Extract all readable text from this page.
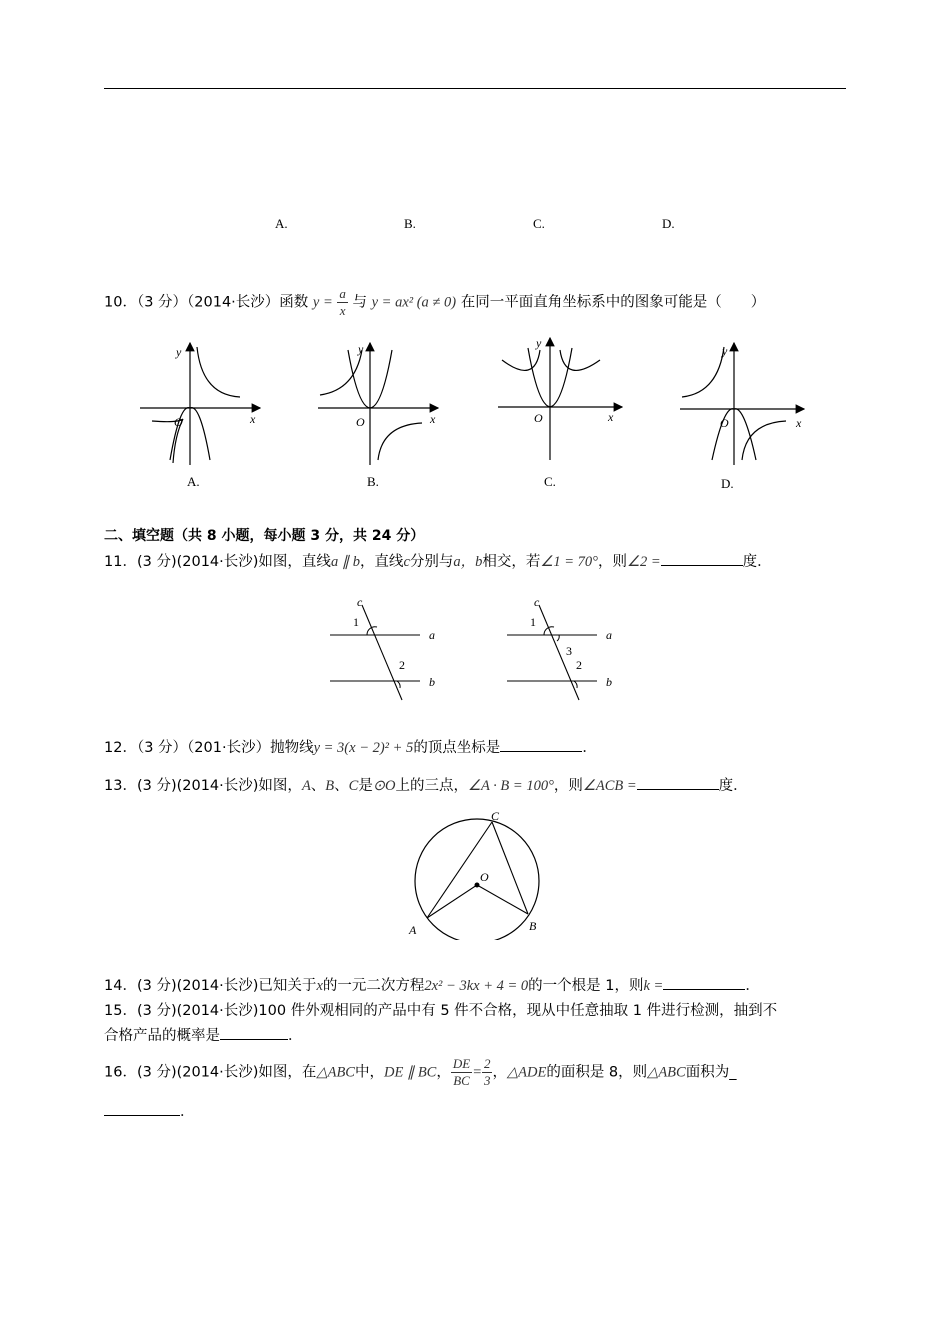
A.	B.	C.	D.
10．（3 分）（2014·长沙）函数 $y = \frac{a}{x}$ 与 y = ax² (a ≠ 0) 在同一平面直角坐标系中的图象可能是（　　）
y
x
O
A.
y
x
O
B.
y
x
O
C.
y
x
O
D.
二、填空题（共 8 小题，每小题 3 分，共 24 分）
11．(3 分)(2014·长沙)如图，直线a ∥ b，直线c分别与a，b相交，若∠1 = 70°，则∠2 =	度．
c
1
a
2
b
c
1
a
3
2
b
12．（3 分）（201·长沙）抛物线y = 3(x − 2)² + 5的顶点坐标是	．
13．(3 分)(2014·长沙)如图，A、B、C是⊙O上的三点，∠A · B = 100°，则∠ACB =	度．
C
O
A	B
14．(3 分)(2014·长沙)已知关于x的一元二次方程2x² − 3kx + 4 = 0的一个根是 1，则k =	．
15．(3 分)(2014·长沙)100 件外观相同的产品中有 5 件不合格，现从中任意抽取 1 件进行检测，抽到不
合格产品的概率是	．
16．(3 分)(2014·长沙)如图，在△ABC中，DE ∥ BC， $\frac{DE}{BC} = \frac{2}{3}$ ，△ADE的面积是 8，则△ABC面积为_
．
